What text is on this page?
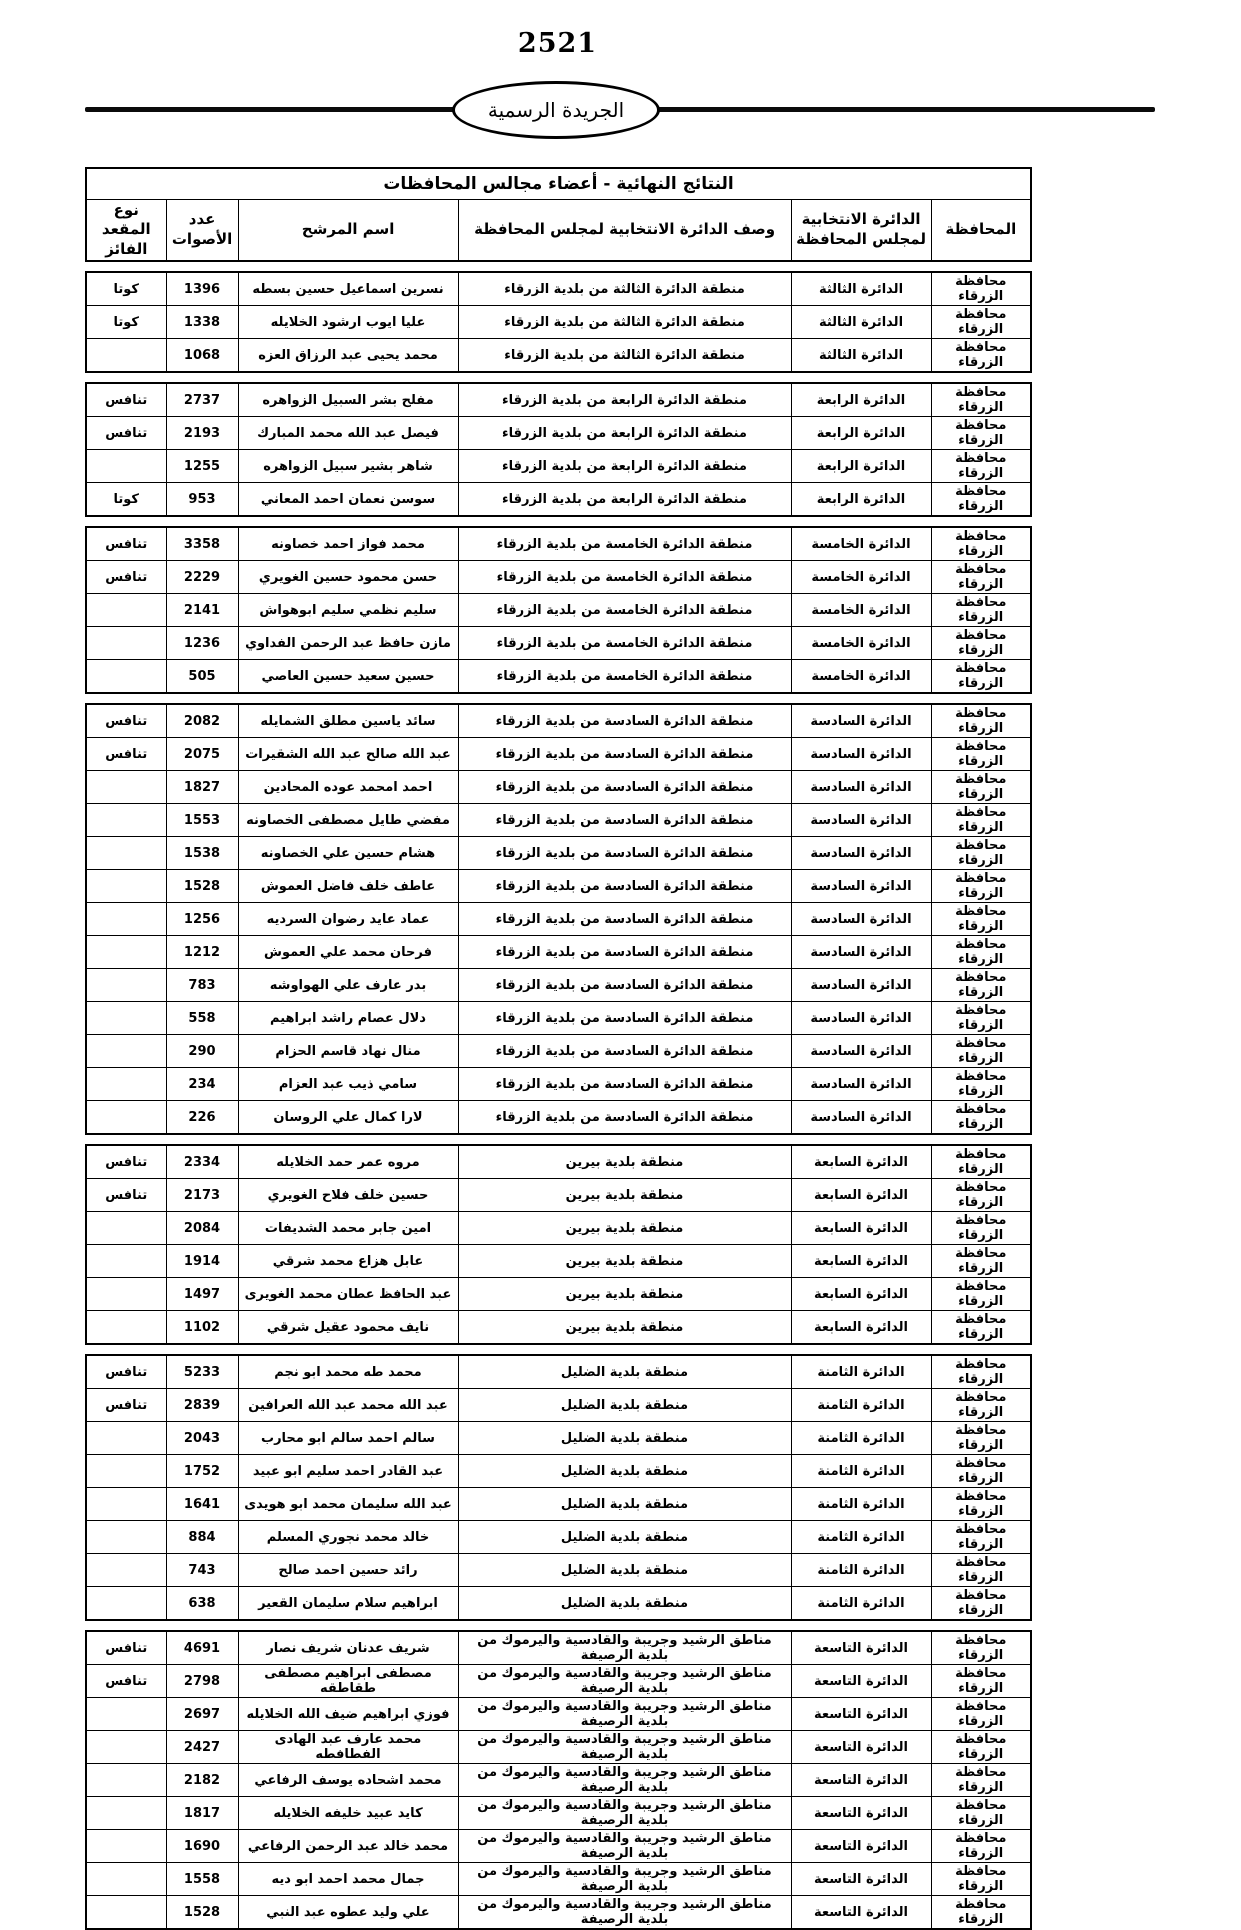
2521
الجريدة الرسمية
النتائج النهائية - أعضاء مجالس المحافظات
المحافظة	الدائرة الانتخابية لمجلس المحافظة	وصف الدائرة الانتخابية لمجلس المحافظة	اسم المرشح	عدد الأصوات	نوع المقعد الفائز
محافظة الزرقاء	الدائرة الثالثة	منطقة الدائرة الثالثة من بلدية الزرقاء	نسرين اسماعيل حسين بسطه	1396	كوتا
محافظة الزرقاء	الدائرة الثالثة	منطقة الدائرة الثالثة من بلدية الزرقاء	عليا ايوب ارشود الخلايله	1338	كوتا
محافظة الزرقاء	الدائرة الثالثة	منطقة الدائرة الثالثة من بلدية الزرقاء	محمد يحيى عبد الرزاق العزه	1068	
محافظة الزرقاء	الدائرة الرابعة	منطقة الدائرة الرابعة من بلدية الزرقاء	مفلح بشر السبيل الزواهره	2737	تنافس
محافظة الزرقاء	الدائرة الرابعة	منطقة الدائرة الرابعة من بلدية الزرقاء	فيصل عبد الله محمد المبارك	2193	تنافس
محافظة الزرقاء	الدائرة الرابعة	منطقة الدائرة الرابعة من بلدية الزرقاء	شاهر بشير سبيل الزواهره	1255	
محافظة الزرقاء	الدائرة الرابعة	منطقة الدائرة الرابعة من بلدية الزرقاء	سوسن نعمان احمد المعاني	953	كوتا
محافظة الزرقاء	الدائرة الخامسة	منطقة الدائرة الخامسة من بلدية الزرقاء	محمد فواز احمد خصاونه	3358	تنافس
محافظة الزرقاء	الدائرة الخامسة	منطقة الدائرة الخامسة من بلدية الزرقاء	حسن محمود حسين الغويري	2229	تنافس
محافظة الزرقاء	الدائرة الخامسة	منطقة الدائرة الخامسة من بلدية الزرقاء	سليم نظمي سليم ابوهواش	2141	
محافظة الزرقاء	الدائرة الخامسة	منطقة الدائرة الخامسة من بلدية الزرقاء	مازن حافظ عبد الرحمن الفداوي	1236	
محافظة الزرقاء	الدائرة الخامسة	منطقة الدائرة الخامسة من بلدية الزرقاء	حسين سعيد حسين العاصي	505	
محافظة الزرقاء	الدائرة السادسة	منطقة الدائرة السادسة من بلدية الزرقاء	سائد ياسين مطلق الشمايله	2082	تنافس
محافظة الزرقاء	الدائرة السادسة	منطقة الدائرة السادسة من بلدية الزرقاء	عبد الله صالح عبد الله الشقيرات	2075	تنافس
محافظة الزرقاء	الدائرة السادسة	منطقة الدائرة السادسة من بلدية الزرقاء	احمد امحمد عوده المحادين	1827	
محافظة الزرقاء	الدائرة السادسة	منطقة الدائرة السادسة من بلدية الزرقاء	مفضي طايل مصطفى الخصاونه	1553	
محافظة الزرقاء	الدائرة السادسة	منطقة الدائرة السادسة من بلدية الزرقاء	هشام حسين علي الخصاونه	1538	
محافظة الزرقاء	الدائرة السادسة	منطقة الدائرة السادسة من بلدية الزرقاء	عاطف خلف فاضل العموش	1528	
محافظة الزرقاء	الدائرة السادسة	منطقة الدائرة السادسة من بلدية الزرقاء	عماد عايد رضوان السرديه	1256	
محافظة الزرقاء	الدائرة السادسة	منطقة الدائرة السادسة من بلدية الزرقاء	فرحان محمد علي العموش	1212	
محافظة الزرقاء	الدائرة السادسة	منطقة الدائرة السادسة من بلدية الزرقاء	بدر عارف علي الهواوشه	783	
محافظة الزرقاء	الدائرة السادسة	منطقة الدائرة السادسة من بلدية الزرقاء	دلال عصام راشد ابراهيم	558	
محافظة الزرقاء	الدائرة السادسة	منطقة الدائرة السادسة من بلدية الزرقاء	منال نهاد قاسم الحزام	290	
محافظة الزرقاء	الدائرة السادسة	منطقة الدائرة السادسة من بلدية الزرقاء	سامي ذيب عبد العزام	234	
محافظة الزرقاء	الدائرة السادسة	منطقة الدائرة السادسة من بلدية الزرقاء	لارا كمال علي الروسان	226	
محافظة الزرقاء	الدائرة السابعة	منطقة بلدية بيرين	مروه عمر حمد الخلايله	2334	تنافس
محافظة الزرقاء	الدائرة السابعة	منطقة بلدية بيرين	حسين خلف فلاح الغويري	2173	تنافس
محافظة الزرقاء	الدائرة السابعة	منطقة بلدية بيرين	امين جابر محمد الشديفات	2084	
محافظة الزرقاء	الدائرة السابعة	منطقة بلدية بيرين	عابل هزاع محمد شرقي	1914	
محافظة الزرقاء	الدائرة السابعة	منطقة بلدية بيرين	عبد الحافظ عطان محمد الغويرى	1497	
محافظة الزرقاء	الدائرة السابعة	منطقة بلدية بيرين	نايف محمود عقيل شرقي	1102	
محافظة الزرقاء	الدائرة الثامنة	منطقة بلدية الضليل	محمد طه محمد ابو نجم	5233	تنافس
محافظة الزرقاء	الدائرة الثامنة	منطقة بلدية الضليل	عبد الله محمد عبد الله العرافين	2839	تنافس
محافظة الزرقاء	الدائرة الثامنة	منطقة بلدية الضليل	سالم احمد سالم ابو محارب	2043	
محافظة الزرقاء	الدائرة الثامنة	منطقة بلدية الضليل	عبد القادر احمد سليم ابو عبيد	1752	
محافظة الزرقاء	الدائرة الثامنة	منطقة بلدية الضليل	عبد الله سليمان محمد ابو هويدى	1641	
محافظة الزرقاء	الدائرة الثامنة	منطقة بلدية الضليل	خالد محمد نجوري المسلم	884	
محافظة الزرقاء	الدائرة الثامنة	منطقة بلدية الضليل	رائد حسين احمد صالح	743	
محافظة الزرقاء	الدائرة الثامنة	منطقة بلدية الضليل	ابراهيم سلام سليمان القعير	638	
محافظة الزرقاء	الدائرة التاسعة	مناطق الرشيد وجريبة والقادسية واليرموك من بلدية الرصيفة	شريف عدنان شريف نصار	4691	تنافس
محافظة الزرقاء	الدائرة التاسعة	مناطق الرشيد وجريبة والقادسية واليرموك من بلدية الرصيفة	مصطفى ابراهيم مصطفى طقاطقه	2798	تنافس
محافظة الزرقاء	الدائرة التاسعة	مناطق الرشيد وجريبة والقادسية واليرموك من بلدية الرصيفة	فوزي ابراهيم ضيف الله الخلايله	2697	
محافظة الزرقاء	الدائرة التاسعة	مناطق الرشيد وجريبة والقادسية واليرموك من بلدية الرصيفة	محمد عارف عبد الهادى الفطافطه	2427	
محافظة الزرقاء	الدائرة التاسعة	مناطق الرشيد وجريبة والقادسية واليرموك من بلدية الرصيفة	محمد اشحاده يوسف الرفاعي	2182	
محافظة الزرقاء	الدائرة التاسعة	مناطق الرشيد وجريبة والقادسية واليرموك من بلدية الرصيفة	كايد عبيد خليفه الخلايله	1817	
محافظة الزرقاء	الدائرة التاسعة	مناطق الرشيد وجريبة والقادسية واليرموك من بلدية الرصيفة	محمد خالد عبد الرحمن الرفاعي	1690	
محافظة الزرقاء	الدائرة التاسعة	مناطق الرشيد وجريبة والقادسية واليرموك من بلدية الرصيفة	جمال محمد احمد ابو ديه	1558	
محافظة الزرقاء	الدائرة التاسعة	مناطق الرشيد وجريبة والقادسية واليرموك من بلدية الرصيفة	علي وليد عطوه عبد النبي	1528	
